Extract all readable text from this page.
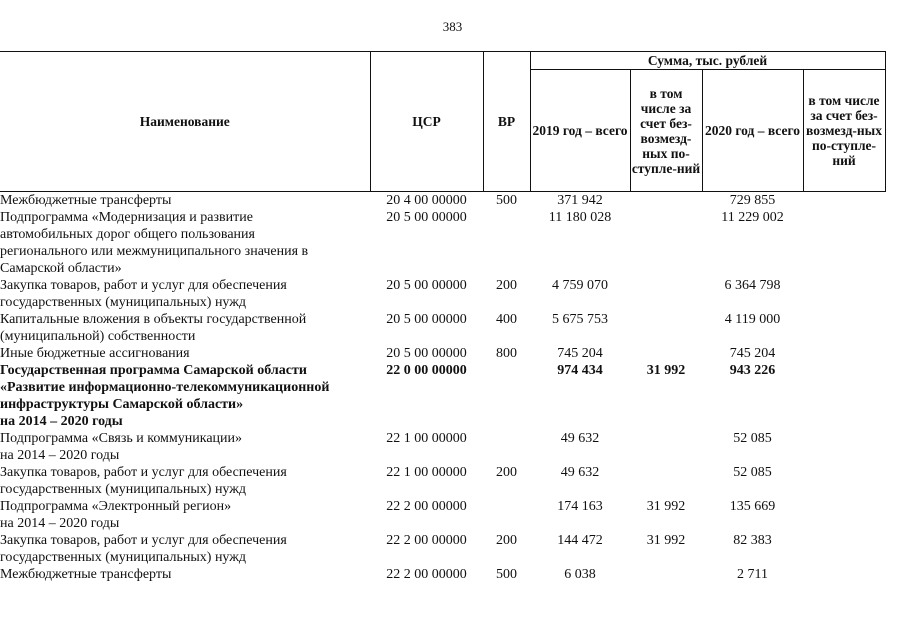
383
Наименование	ЦСР	ВР	Сумма, тыс. рублей			
			2019 год – всего	в том числе за счет без-возмезд-ных по-ступле-ний	2020 год – всего	в том числе за счет без-возмезд-ных по-ступле-ний

Межбюджетные трансферты	20 4 00 00000	500	371 942		729 855	

Подпрограмма «Модернизация и развитие
автомобильных дорог общего пользования
регионального или межмуниципального значения в
Самарской области»	20 5 00 00000		11 180 028		11 229 002	

Закупка товаров, работ и услуг для обеспечения
государственных (муниципальных) нужд	20 5 00 00000	200	4 759 070		6 364 798	

Капитальные вложения в объекты государственной
(муниципальной) собственности	20 5 00 00000	400	5 675 753		4 119 000	

Иные бюджетные ассигнования	20 5 00 00000	800	745 204		745 204	

Государственная программа Самарской области
«Развитие информационно-телекоммуникационной
инфраструктуры Самарской области»
на 2014 – 2020 годы	22 0 00 00000		974 434	31 992	943 226	

Подпрограмма «Связь и коммуникации»
на 2014 – 2020 годы	22 1 00 00000		49 632		52 085	

Закупка товаров, работ и услуг для обеспечения
государственных (муниципальных) нужд	22 1 00 00000	200	49 632		52 085	

Подпрограмма «Электронный регион»
на 2014 – 2020 годы	22 2 00 00000		174 163	31 992	135 669	

Закупка товаров, работ и услуг для обеспечения
государственных (муниципальных) нужд	22 2 00 00000	200	144 472	31 992	82 383	

Межбюджетные трансферты	22 2 00 00000	500	6 038		2 711	
